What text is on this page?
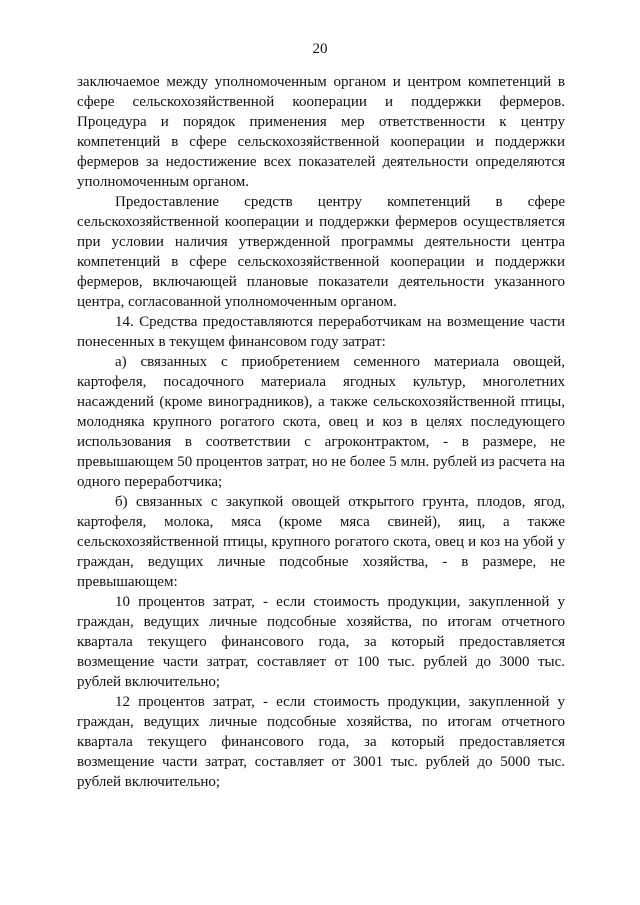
20

заключаемое между уполномоченным органом и центром компетенций в сфере сельскохозяйственной кооперации и поддержки фермеров. Процедура и порядок применения мер ответственности к центру компетенций в сфере сельскохозяйственной кооперации и поддержки фермеров за недостижение всех показателей деятельности определяются уполномоченным органом.

Предоставление средств центру компетенций в сфере сельскохозяйственной кооперации и поддержки фермеров осуществляется при условии наличия утвержденной программы деятельности центра компетенций в сфере сельскохозяйственной кооперации и поддержки фермеров, включающей плановые показатели деятельности указанного центра, согласованной уполномоченным органом.

14. Средства предоставляются переработчикам на возмещение части понесенных в текущем финансовом году затрат:

а) связанных с приобретением семенного материала овощей, картофеля, посадочного материала ягодных культур, многолетних насаждений (кроме виноградников), а также сельскохозяйственной птицы, молодняка крупного рогатого скота, овец и коз в целях последующего использования в соответствии с агроконтрактом, - в размере, не превышающем 50 процентов затрат, но не более 5 млн. рублей из расчета на одного переработчика;

б) связанных с закупкой овощей открытого грунта, плодов, ягод, картофеля, молока, мяса (кроме мяса свиней), яиц, а также сельскохозяйственной птицы, крупного рогатого скота, овец и коз на убой у граждан, ведущих личные подсобные хозяйства, - в размере, не превышающем:

10 процентов затрат, - если стоимость продукции, закупленной у граждан, ведущих личные подсобные хозяйства, по итогам отчетного квартала текущего финансового года, за который предоставляется возмещение части затрат, составляет от 100 тыс. рублей до 3000 тыс. рублей включительно;

12 процентов затрат, - если стоимость продукции, закупленной у граждан, ведущих личные подсобные хозяйства, по итогам отчетного квартала текущего финансового года, за который предоставляется возмещение части затрат, составляет от 3001 тыс. рублей до 5000 тыс. рублей включительно;
